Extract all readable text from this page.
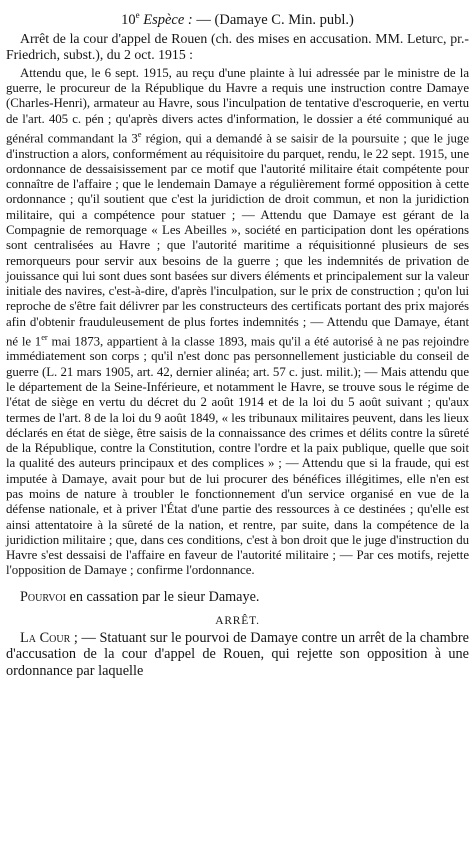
10e Espèce : — (Damaye C. Min. publ.)

Arrêt de la cour d'appel de Rouen (ch. des mises en accusation. MM. Leturc, pr.-Friedrich, subst.), du 2 oct. 1915 :

Attendu que, le 6 sept. 1915, au reçu d'une plainte à lui adressée par le ministre de la guerre, le procureur de la République du Havre a requis une instruction contre Damaye (Charles-Henri), armateur au Havre, sous l'inculpation de tentative d'escroquerie, en vertu de l'art. 405 c. pén ; qu'après divers actes d'information, le dossier a été communiqué au général commandant la 3e région, qui a demandé à se saisir de la poursuite ; que le juge d'instruction a alors, conformément au réquisitoire du parquet, rendu, le 22 sept. 1915, une ordonnance de dessaisissement par ce motif que l'autorité militaire était compétente pour connaître de l'affaire ; que le lendemain Damaye a régulièrement formé opposition à cette ordonnance ; qu'il soutient que c'est la juridiction de droit commun, et non la juridiction militaire, qui a compétence pour statuer ; — Attendu que Damaye est gérant de la Compagnie de remorquage « Les Abeilles », société en participation dont les opérations sont centralisées au Havre ; que l'autorité maritime a réquisitionné plusieurs de ses remorqueurs pour servir aux besoins de la guerre ; que les indemnités de privation de jouissance qui lui sont dues sont basées sur divers éléments et principalement sur la valeur initiale des navires, c'est-à-dire, d'après l'inculpation, sur le prix de construction ; qu'on lui reproche de s'être fait délivrer par les constructeurs des certificats portant des prix majorés afin d'obtenir frauduleusement de plus fortes indemnités ; — Attendu que Damaye, étant né le 1er mai 1873, appartient à la classe 1893, mais qu'il a été autorisé à ne pas rejoindre immédiatement son corps ; qu'il n'est donc pas personnellement justiciable du conseil de guerre (L. 21 mars 1905, art. 42, dernier alinéa; art. 57 c. just. milit.); — Mais attendu que le département de la Seine-Inférieure, et notamment le Havre, se trouve sous le régime de l'état de siège en vertu du décret du 2 août 1914 et de la loi du 5 août suivant ; qu'aux termes de l'art. 8 de la loi du 9 août 1849, « les tribunaux militaires peuvent, dans les lieux déclarés en état de siège, être saisis de la connaissance des crimes et délits contre la sûreté de la République, contre la Constitution, contre l'ordre et la paix publique, quelle que soit la qualité des auteurs principaux et des complices » ; — Attendu que si la fraude, qui est imputée à Damaye, avait pour but de lui procurer des bénéfices illégitimes, elle n'en est pas moins de nature à troubler le fonctionnement d'un service organisé en vue de la défense nationale, et à priver l'État d'une partie des ressources à ce destinées ; qu'elle est ainsi attentatoire à la sûreté de la nation, et rentre, par suite, dans la compétence de la juridiction militaire ; que, dans ces conditions, c'est à bon droit que le juge d'instruction du Havre s'est dessaisi de l'affaire en faveur de l'autorité militaire ; — Par ces motifs, rejette l'opposition de Damaye ; confirme l'ordonnance.

Pourvoi en cassation par le sieur Damaye.

ARRÊT.

La Cour ; — Statuant sur le pourvoi de Damaye contre un arrêt de la chambre d'accusation de la cour d'appel de Rouen, qui rejette son opposition à une ordonnance par laquelle
